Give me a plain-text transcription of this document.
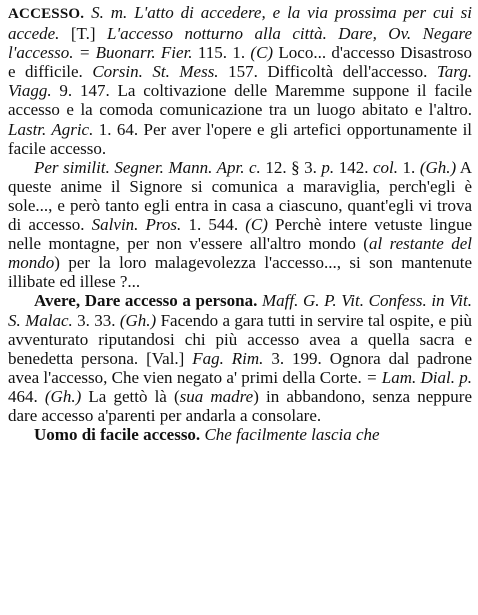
ACCESSO. S. m. L'atto di accedere, e la via prossima per cui si accede. [T.] L'accesso notturno alla città. Dare, Ov. Negare l'accesso. = Buonarr. Fier. 115. 1. (C) Loco... d'accesso Disastroso e difficile. Corsin. St. Mess. 157. Difficoltà dell'accesso. Targ. Viagg. 9. 147. La coltivazione delle Maremme suppone il facile accesso e la comoda comunicazione tra un luogo abitato e l'altro. Lastr. Agric. 1. 64. Per aver l'opere e gli artefici opportunamente il facile accesso.

Per similit. Segner. Mann. Apr. c. 12. § 3. p. 142. col. 1. (Gh.) A queste anime il Signore si comunica a maraviglia, perch'egli è sole..., e però tanto egli entra in casa a ciascuno, quant'egli vi trova di accesso. Salvin. Pros. 1. 544. (C) Perchè intere vetuste lingue nelle montagne, per non v'essere all'altro mondo (al restante del mondo) per la loro malagevolezza l'accesso..., si son mantenute illibate ed illese ?...

Avere, Dare accesso a persona. Maff. G. P. Vit. Confess. in Vit. S. Malac. 3. 33. (Gh.) Facendo a gara tutti in servire tal ospite, e più avventurato riputandosi chi più accesso avea a quella sacra e benedetta persona. [Val.] Fag. Rim. 3. 199. Ognora dal padrone avea l'accesso, Che vien negato a' primi della Corte. = Lam. Dial. p. 464. (Gh.) La gettò là (sua madre) in abbandono, senza neppure dare accesso a'parenti per andarla a consolare.

Uomo di facile accesso. Che facilmente lascia che
